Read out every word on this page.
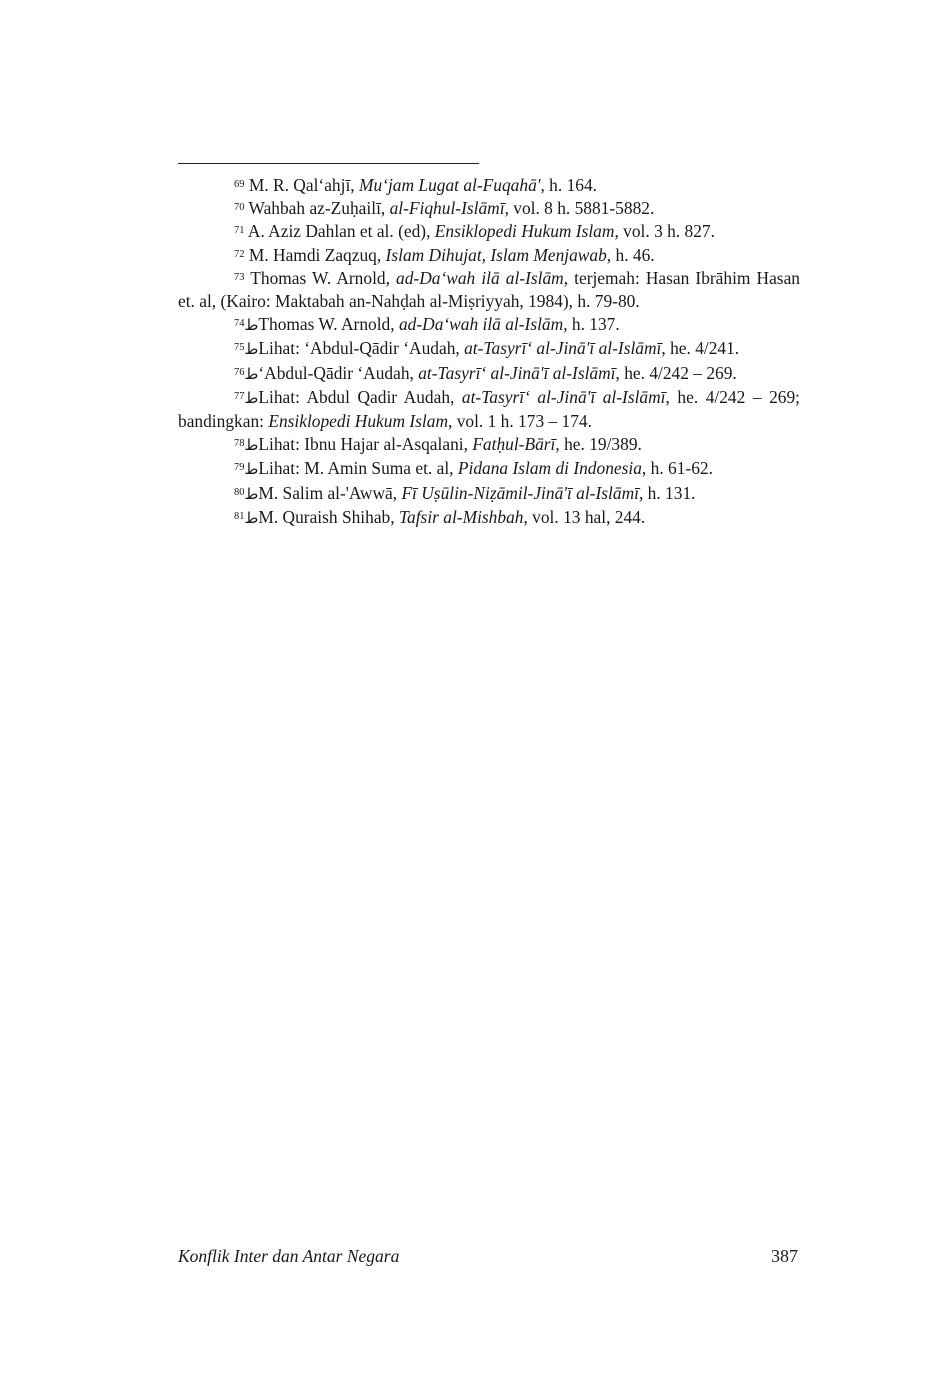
$^{69}$ M. R. Qal‘ahjī, Mu‘jam Lugat al-Fuqahā', h. 164.

$^{70}$ Wahbah az-Zuḥailī, al-Fiqhul-Islāmī, vol. 8 h. 5881-5882.

$^{71}$ A. Aziz Dahlan et al. (ed), Ensiklopedi Hukum Islam, vol. 3 h. 827.

$^{72}$ M. Hamdi Zaqzuq, Islam Dihujat, Islam Menjawab, h. 46.

$^{73}$ Thomas W. Arnold, ad-Da‘wah ilā al-Islām, terjemah: Hasan Ibrāhim Hasan et. al, (Kairo: Maktabah an-Nahḍah al-Miṣriyyah, 1984), h. 79-80.

$^{74}$طThomas W. Arnold, ad-Da‘wah ilā al-Islām, h. 137.

$^{75}$طLihat: ‘Abdul-Qādir ‘Audah, at-Tasyrī‘ al-Jinā'ī al-Islāmī, he. 4/241.

$^{76}$ط‘Abdul-Qādir ‘Audah, at-Tasyrī‘ al-Jinā'ī al-Islāmī, he. 4/242 – 269.

$^{77}$طLihat: Abdul Qadir Audah, at-Tasyrī‘ al-Jinā'ī al-Islāmī, he. 4/242 – 269; bandingkan: Ensiklopedi Hukum Islam, vol. 1 h. 173 – 174.

$^{78}$طLihat: Ibnu Hajar al-Asqalani, Fatḥul-Bārī, he. 19/389.

$^{79}$طLihat: M. Amin Suma et. al, Pidana Islam di Indonesia, h. 61-62.

$^{80}$طM. Salim al-'Awwā, Fī Uṣūlin-Niẓāmil-Jinā'ī al-Islāmī, h. 131.

$^{81}$طM. Quraish Shihab, Tafsir al-Mishbah, vol. 13 hal, 244.

Konflik Inter dan Antar Negara	387
